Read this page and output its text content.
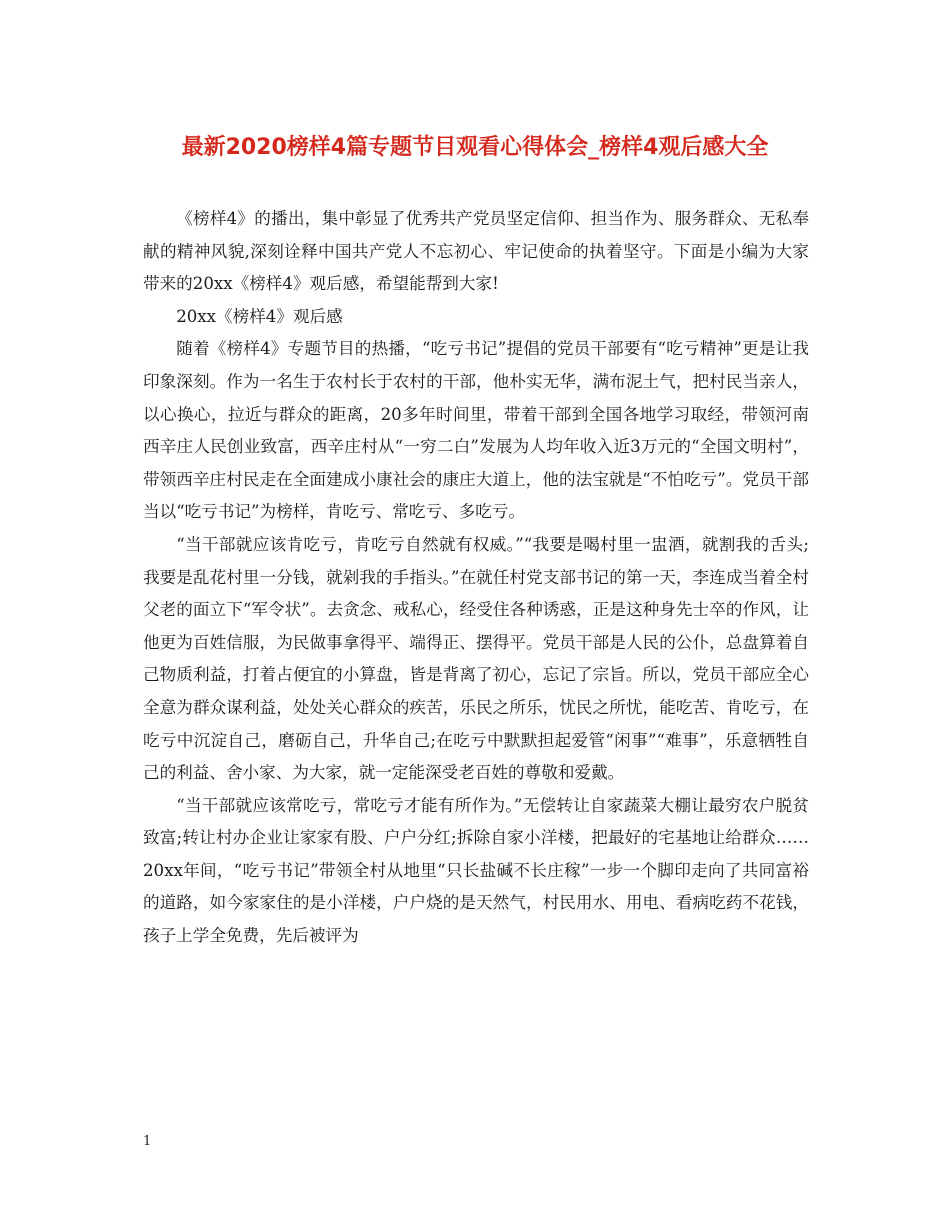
最新2020榜样4篇专题节目观看心得体会_榜样4观后感大全

《榜样4》的播出，集中彰显了优秀共产党员坚定信仰、担当作为、服务群众、无私奉献的精神风貌,深刻诠释中国共产党人不忘初心、牢记使命的执着坚守。下面是小编为大家带来的20xx《榜样4》观后感，希望能帮到大家!

20xx《榜样4》观后感

随着《榜样4》专题节目的热播，“吃亏书记”提倡的党员干部要有“吃亏精神”更是让我印象深刻。作为一名生于农村长于农村的干部，他朴实无华，满布泥土气，把村民当亲人，以心换心，拉近与群众的距离，20多年时间里，带着干部到全国各地学习取经，带领河南西辛庄人民创业致富，西辛庄村从“一穷二白”发展为人均年收入近3万元的“全国文明村”，带领西辛庄村民走在全面建成小康社会的康庄大道上，他的法宝就是“不怕吃亏”。党员干部当以“吃亏书记”为榜样，肯吃亏、常吃亏、多吃亏。

“当干部就应该肯吃亏，肯吃亏自然就有权威。”“我要是喝村里一盅酒，就割我的舌头;我要是乱花村里一分钱，就剁我的手指头。”在就任村党支部书记的第一天，李连成当着全村父老的面立下“军令状”。去贪念、戒私心，经受住各种诱惑，正是这种身先士卒的作风，让他更为百姓信服，为民做事拿得平、端得正、摆得平。党员干部是人民的公仆，总盘算着自己物质利益，打着占便宜的小算盘，皆是背离了初心，忘记了宗旨。所以，党员干部应全心全意为群众谋利益，处处关心群众的疾苦，乐民之所乐，忧民之所忧，能吃苦、肯吃亏，在吃亏中沉淀自己，磨砺自己，升华自己;在吃亏中默默担起爱管“闲事”“难事”，乐意牺牲自己的利益、舍小家、为大家，就一定能深受老百姓的尊敬和爱戴。

“当干部就应该常吃亏，常吃亏才能有所作为。”无偿转让自家蔬菜大棚让最穷农户脱贫致富;转让村办企业让家家有股、户户分红;拆除自家小洋楼，把最好的宅基地让给群众……20xx年间，“吃亏书记”带领全村从地里“只长盐碱不长庄稼”一步一个脚印走向了共同富裕的道路，如今家家住的是小洋楼，户户烧的是天然气，村民用水、用电、看病吃药不花钱，孩子上学全免费，先后被评为

1
